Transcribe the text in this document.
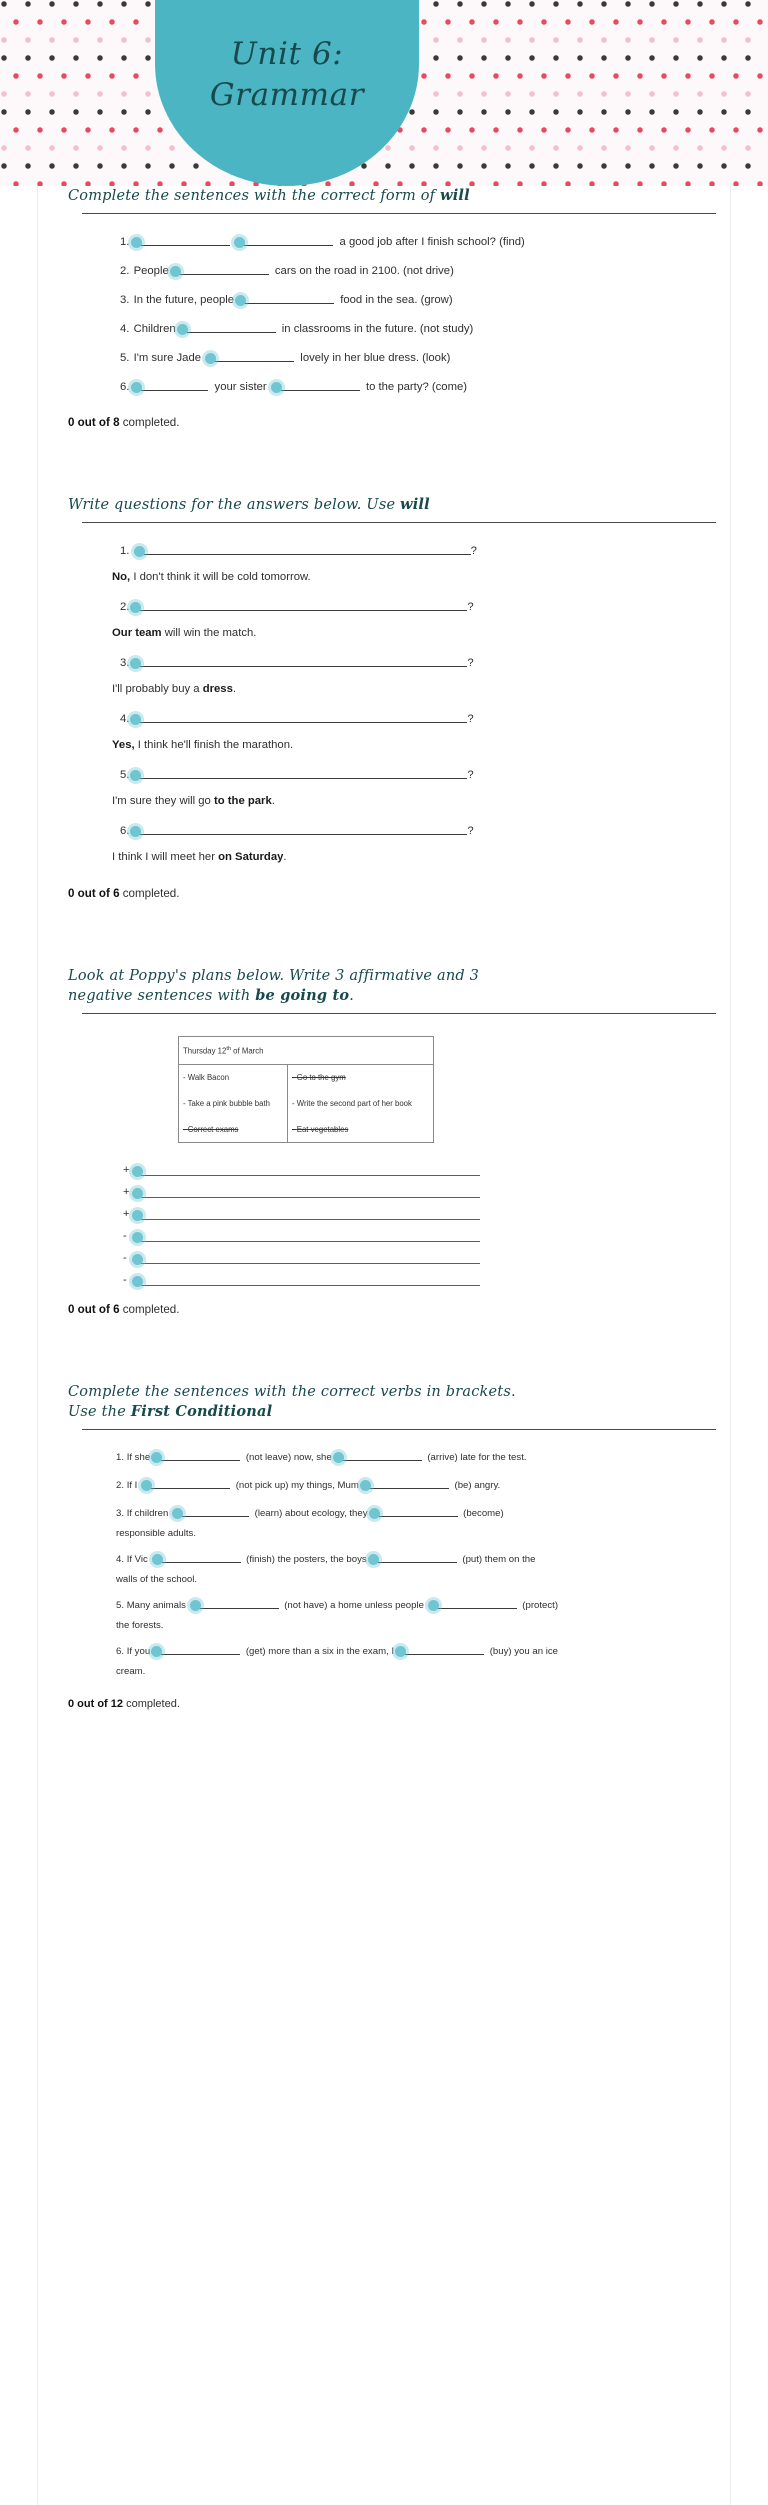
Unit 6:
Grammar
Complete the sentences with the correct form of will
1.	a good job after I finish school? (find)
2. People	cars on the road in 2100. (not drive)
3. In the future, people	food in the sea. (grow)
4. Children	in classrooms in the future. (not study)
5. I'm sure Jade	lovely in her blue dress. (look)
6.	your sister	to the party? (come)
0 out of 8 completed.
Write questions for the answers below. Use will
1.	?
No, I don't think it will be cold tomorrow.
2.	?
Our team will win the match.
3.	?
I'll probably buy a dress.
4.	?
Yes, I think he'll finish the marathon.
5.	?
I'm sure they will go to the park.
6.	?
I think I will meet her on Saturday.
0 out of 6 completed.
Look at Poppy's plans below. Write 3 affirmative and 3
negative sentences with be going to.
Thursday 12th of March

- Walk Bacon
- Take a pink bubble bath
- Correct exams

- Go to the gym
- Write the second part of her book
- Eat vegetables
+
+
+
-
-
-
0 out of 6 completed.
Complete the sentences with the correct verbs in brackets.
Use the First Conditional
1. If she	(not leave) now, she	(arrive) late for the test.
2. If I	(not pick up) my things, Mum	(be) angry.
3. If children	(learn) about ecology, they	(become)
responsible adults.
4. If Vic	(finish) the posters, the boys	(put) them on the
walls of the school.
5. Many animals	(not have) a home unless people	(protect)
the forests.
6. If you	(get) more than a six in the exam, I	(buy) you an ice
cream.
0 out of 12 completed.
